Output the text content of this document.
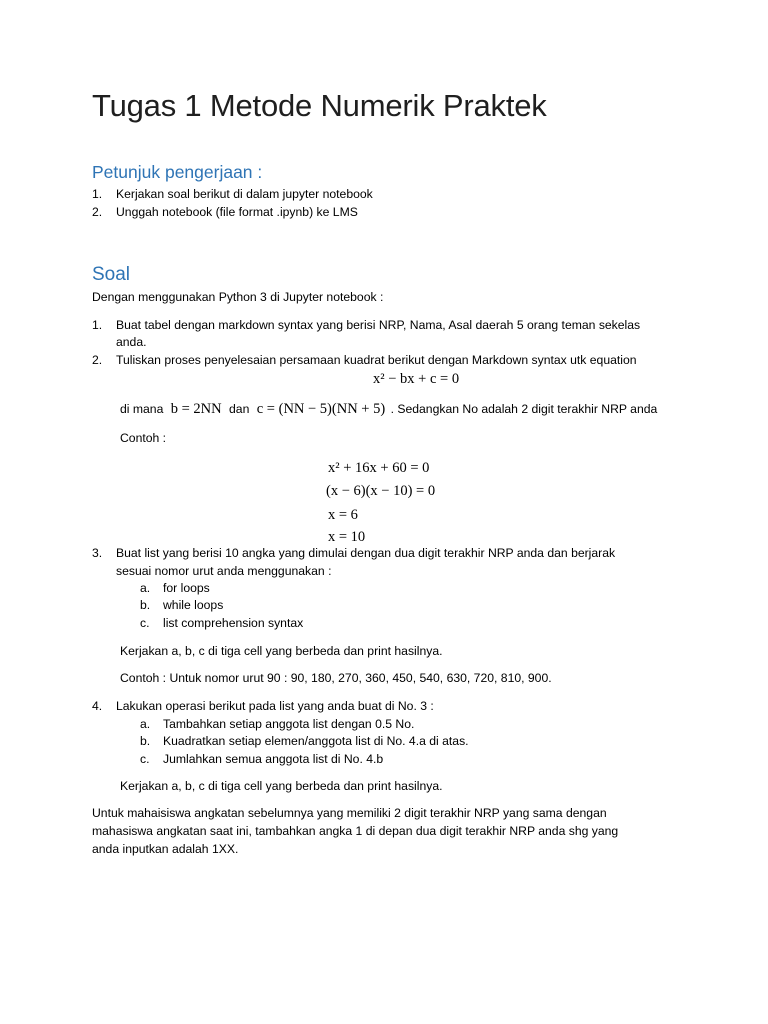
Tugas 1 Metode Numerik Praktek
Petunjuk pengerjaan :
1. Kerjakan soal berikut di dalam jupyter notebook
2. Unggah notebook (file format .ipynb) ke LMS
Soal
Dengan menggunakan Python 3 di Jupyter notebook :
1. Buat tabel dengan markdown syntax yang berisi NRP, Nama, Asal daerah 5 orang teman sekelas
anda.
2. Tuliskan proses penyelesaian persamaan kuadrat berikut dengan Markdown syntax utk equation
x² − bx + c = 0
di mana b = 2NN dan c = (NN − 5)(NN + 5) . Sedangkan No adalah 2 digit terakhir NRP anda
Contoh :
x² + 16x + 60 = 0
(x − 6)(x − 10) = 0
x = 6
x = 10
3. Buat list yang berisi 10 angka yang dimulai dengan dua digit terakhir NRP anda dan berjarak
sesuai nomor urut anda menggunakan :
a. for loops
b. while loops
c. list comprehension syntax
Kerjakan a, b, c di tiga cell yang berbeda dan print hasilnya.
Contoh : Untuk nomor urut 90 : 90, 180, 270, 360, 450, 540, 630, 720, 810, 900.
4. Lakukan operasi berikut pada list yang anda buat di No. 3 :
a. Tambahkan setiap anggota list dengan 0.5 No.
b. Kuadratkan setiap elemen/anggota list di No. 4.a di atas.
c. Jumlahkan semua anggota list di No. 4.b
Kerjakan a, b, c di tiga cell yang berbeda dan print hasilnya.
Untuk mahaisiswa angkatan sebelumnya yang memiliki 2 digit terakhir NRP yang sama dengan
mahasiswa angkatan saat ini, tambahkan angka 1 di depan dua digit terakhir NRP anda shg yang
anda inputkan adalah 1XX.
